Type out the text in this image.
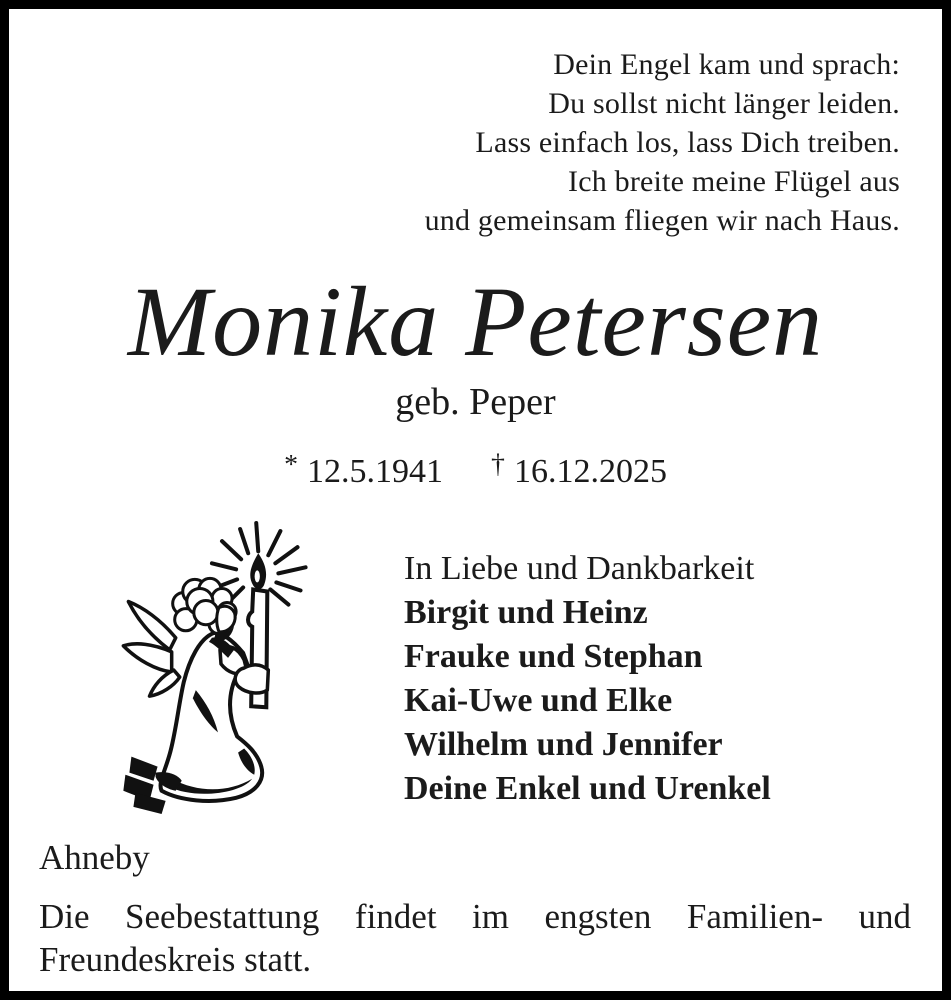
Dein Engel kam und sprach:
Du sollst nicht länger leiden.
Lass einfach los, lass Dich treiben.
Ich breite meine Flügel aus
und gemeinsam fliegen wir nach Haus.
Monika Petersen
geb. Peper
* 12.5.1941 † 16.12.2025
In Liebe und Dankbarkeit
Birgit und Heinz
Frauke und Stephan
Kai-Uwe und Elke
Wilhelm und Jennifer
Deine Enkel und Urenkel
Ahneby
Die Seebestattung findet im engsten Familien- und
Freundeskreis statt.
